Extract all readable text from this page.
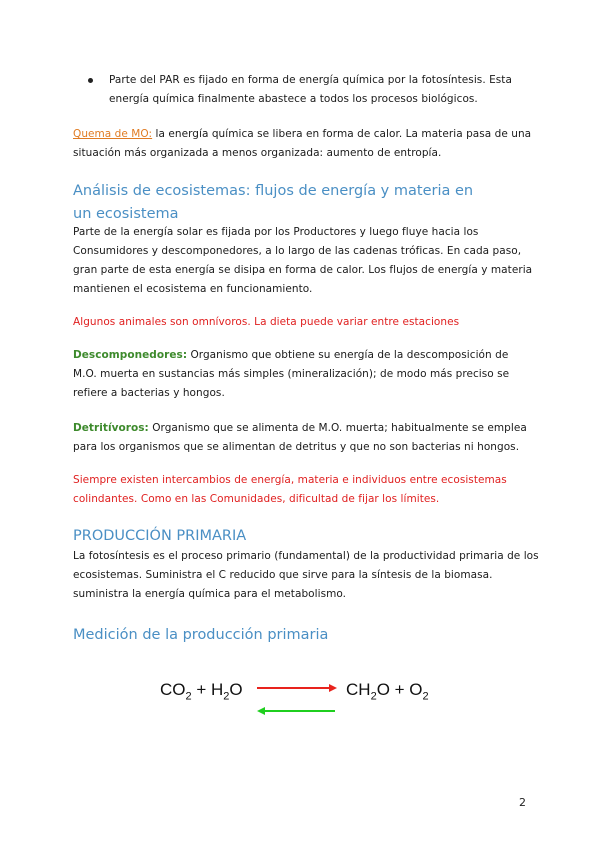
Parte del PAR es fijado en forma de energía química por la fotosíntesis. Esta energía química finalmente abastece a todos los procesos biológicos.
Quema de MO: la energía química se libera en forma de calor. La materia pasa de una situación más organizada a menos organizada: aumento de entropía.
Análisis de ecosistemas: flujos de energía y materia en un ecosistema
Parte de la energía solar es fijada por los Productores y luego fluye hacia los Consumidores y descomponedores, a lo largo de las cadenas tróficas. En cada paso, gran parte de esta energía se disipa en forma de calor. Los flujos de energía y materia mantienen el ecosistema en funcionamiento.
Algunos animales son omnívoros. La dieta puede variar entre estaciones
Descomponedores: Organismo que obtiene su energía de la descomposición de M.O. muerta en sustancias más simples (mineralización); de modo más preciso se refiere a bacterias y hongos.
Detritívoros: Organismo que se alimenta de M.O. muerta; habitualmente se emplea para los organismos que se alimentan de detritus y que no son bacterias ni hongos.
Siempre existen intercambios de energía, materia e individuos entre ecosistemas colindantes. Como en las Comunidades, dificultad de fijar los límites.
PRODUCCIÓN PRIMARIA
La fotosíntesis es el proceso primario (fundamental) de la productividad primaria de los ecosistemas. Suministra el C reducido que sirve para la síntesis de la biomasa. suministra la energía química para el metabolismo.
Medición de la producción primaria
$CO_2 + H_2O$	$CH_2O + O_2$
2
